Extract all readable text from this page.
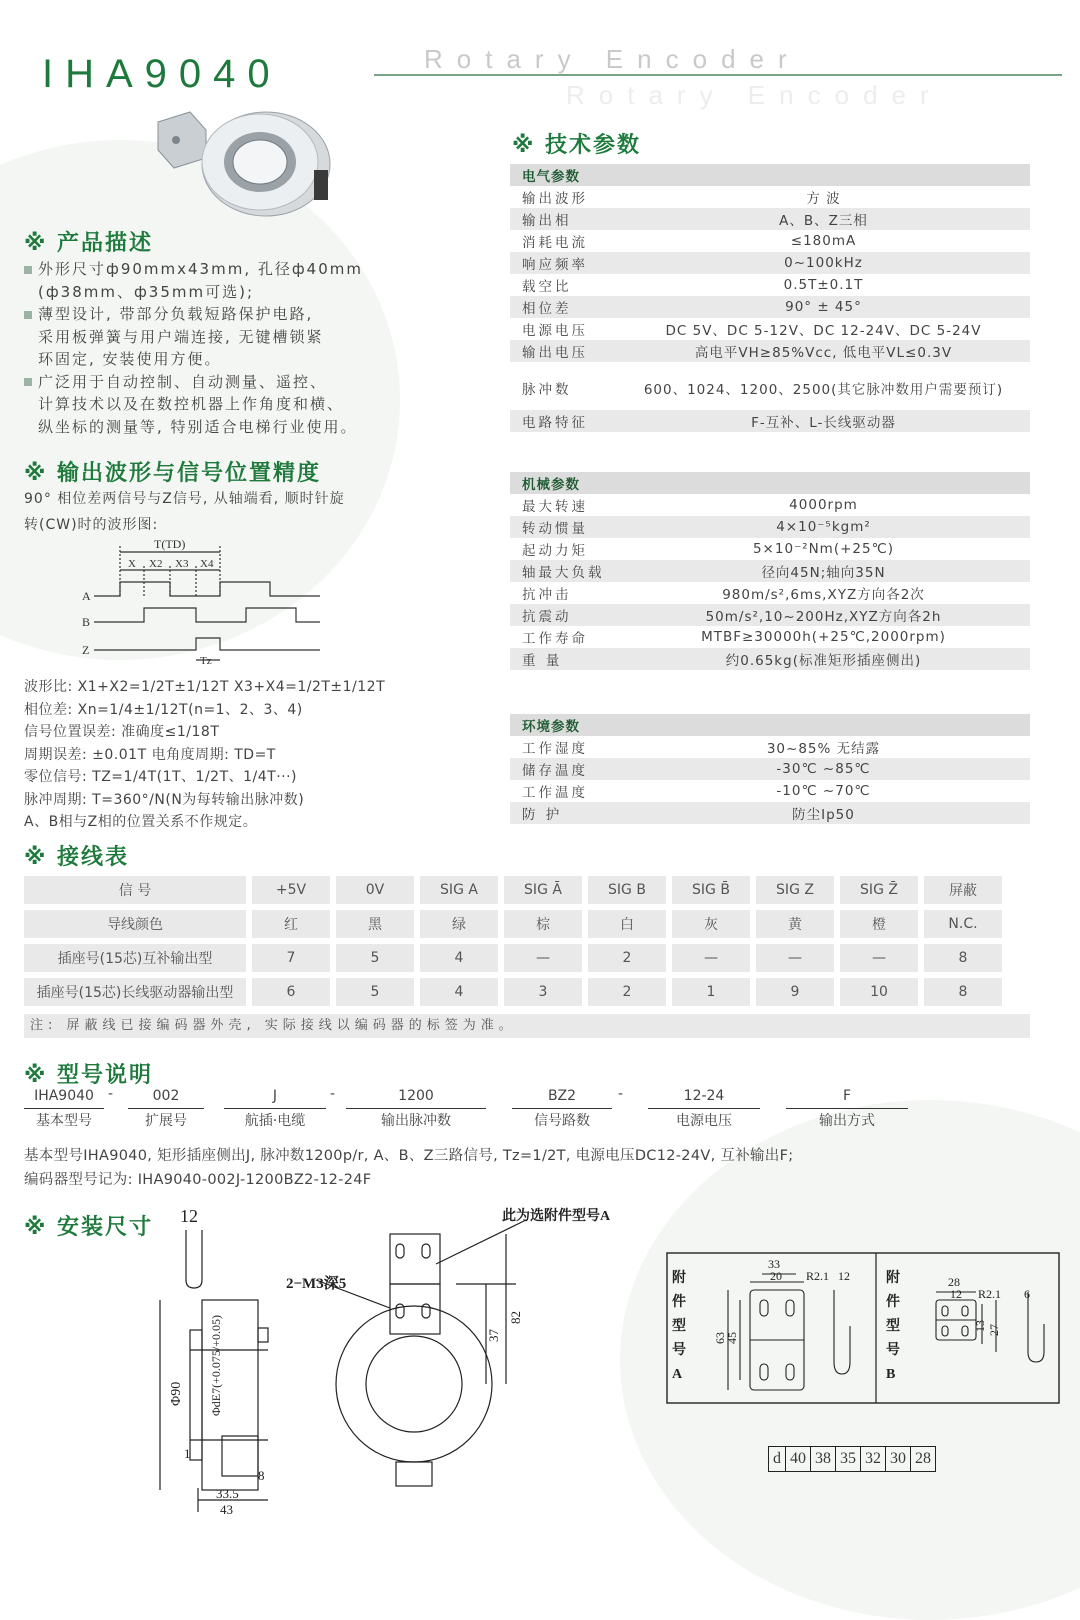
IHA9040	Rotary Encoder
Rotary Encoder
※ 产品描述
外形尺寸ф90mmx43mm, 孔径ф40mm
(ф38mm、ф35mm可选);
薄型设计, 带部分负载短路保护电路,
采用板弹簧与用户端连接, 无键槽锁紧
环固定, 安装使用方便。
广泛用于自动控制、自动测量、遥控、
计算技术以及在数控机器上作角度和横、
纵坐标的测量等, 特别适合电梯行业使用。
※ 输出波形与信号位置精度
90° 相位差两信号与Z信号, 从轴端看, 顺时针旋
转(CW)时的波形图:
T(TD)
X X2 X3 X4
A
B
Z
Tz
波形比: X1+X2=1/2T±1/12T X3+X4=1/2T±1/12T
相位差: Xn=1/4±1/12T(n=1、2、3、4)
信号位置误差: 准确度≤1/18T
周期误差: ±0.01T 电角度周期: TD=T
零位信号: TZ=1/4T(1T、1/2T、1/4T···)
脉冲周期: T=360°/N(N为每转输出脉冲数)
A、B相与Z相的位置关系不作规定。
※ 技术参数
电气参数
输出波形	方 波
输出相	A、B、Z三相
消耗电流	≤180mA
响应频率	0~100kHz
载空比	0.5T±0.1T
相位差	90° ± 45°
电源电压	DC 5V、DC 5-12V、DC 12-24V、DC 5-24V
输出电压	高电平VH≥85%Vcc, 低电平VL≤0.3V
脉冲数	600、1024、1200、2500(其它脉冲数用户需要预订)
电路特征	F-互补、L-长线驱动器
机械参数
最大转速	4000rpm
转动惯量	4×10⁻⁵kgm²
起动力矩	5×10⁻²Nm(+25℃)
轴最大负载	径向45N;轴向35N
抗冲击	980m/s²,6ms,XYZ方向各2次
抗震动	50m/s²,10~200Hz,XYZ方向各2h
工作寿命	MTBF≥30000h(+25℃,2000rpm)
重 量	约0.65kg(标准矩形插座侧出)
环境参数
工作湿度	30~85% 无结露
储存温度	-30℃ ~85℃
工作温度	-10℃ ~70℃
防 护	防尘Ip50
※ 接线表
信 号	+5V	0V	SIG A	SIG Ā	SIG B	SIG B̄	SIG Z	SIG Z̄	屏蔽
导线颜色	红	黑	绿	棕	白	灰	黄	橙	N.C.
插座号(15芯)互补输出型	7	5	4	—	2	—	—	—	8
插座号(15芯)长线驱动器输出型	6	5	4	3	2	1	9	10	8
注: 屏蔽线已接编码器外壳, 实际接线以编码器的标签为准。
※ 型号说明
IHA9040
基本型号
-	002
扩展号
J
航插·电缆
-	1200
输出脉冲数
BZ2
信号路数
-	12-24
电源电压
F
输出方式
基本型号IHA9040, 矩形插座侧出J, 脉冲数1200p/r, A、B、Z三路信号, Tz=1/2T, 电源电压DC12-24V, 互补输出F;
编码器型号记为: IHA9040-002J-1200BZ2-12-24F
※ 安装尺寸 12
Φ90 ΦdE7(+0.075/+0.05)
1
8
33.5
43
2−M3深5
此为选附件型号A
37
82
附
件
型
号
A
附
件
型
号
B
33
20 R2.1 12
63
45
28
12 R2.1 6
13 27
d	40	38	35	32	30	28
